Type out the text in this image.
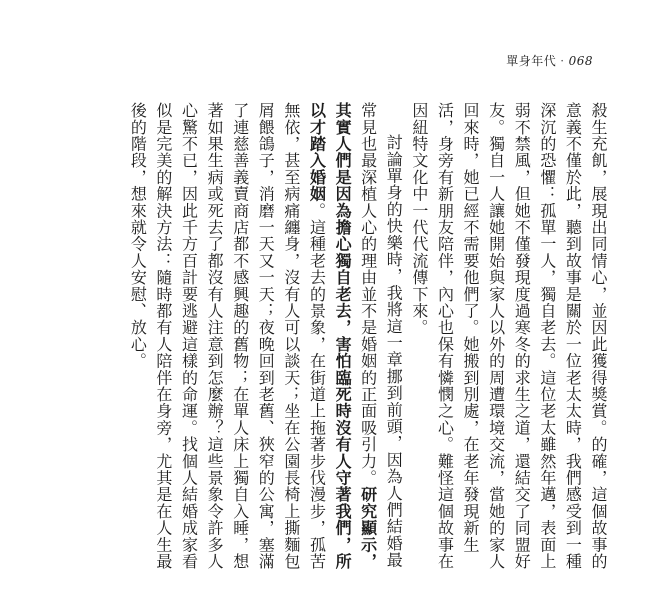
單身年代 · 068

殺生充飢，展現出同情心，並因此獲得獎賞。的確，這個故事的意義不僅於此，聽到故事是關於一位老太太時，我們感受到一種深沉的恐懼：孤單一人，獨自老去。這位老太雖然年邁，表面上弱不禁風，但她不僅發現度過寒冬的求生之道，還結交了同盟好友。獨自一人讓她開始與家人以外的周遭環境交流，當她的家人回來時，她已經不需要他們了。她搬到別處，在老年發現新生活，身旁有新朋友陪伴，內心也保有憐憫之心。難怪這個故事在因紐特文化中一代代流傳下來。

討論單身的快樂時，我將這一章挪到前頭，因為人們結婚最常見也最深植人心的理由並不是婚姻的正面吸引力。研究顯示，其實人們是因為擔心獨自老去，害怕臨死時沒有人守著我們，所以才踏入婚姻。這種老去的景象，在街道上拖著步伐漫步，孤苦無依，甚至病痛纏身，沒有人可以談天；坐在公園長椅上撕麵包屑餵鴿子，消磨一天又一天；夜晚回到老舊、狹窄的公寓，塞滿了連慈善義賣商店都不感興趣的舊物；在單人床上獨自入睡，想著如果生病或死去了都沒有人注意到怎麼辦？這些景象令許多人心驚不已，因此千方百計要逃避這樣的命運。找個人結婚成家看似是完美的解決方法：隨時都有人陪伴在身旁，尤其是在人生最後的階段，想來就令人安慰、放心。
